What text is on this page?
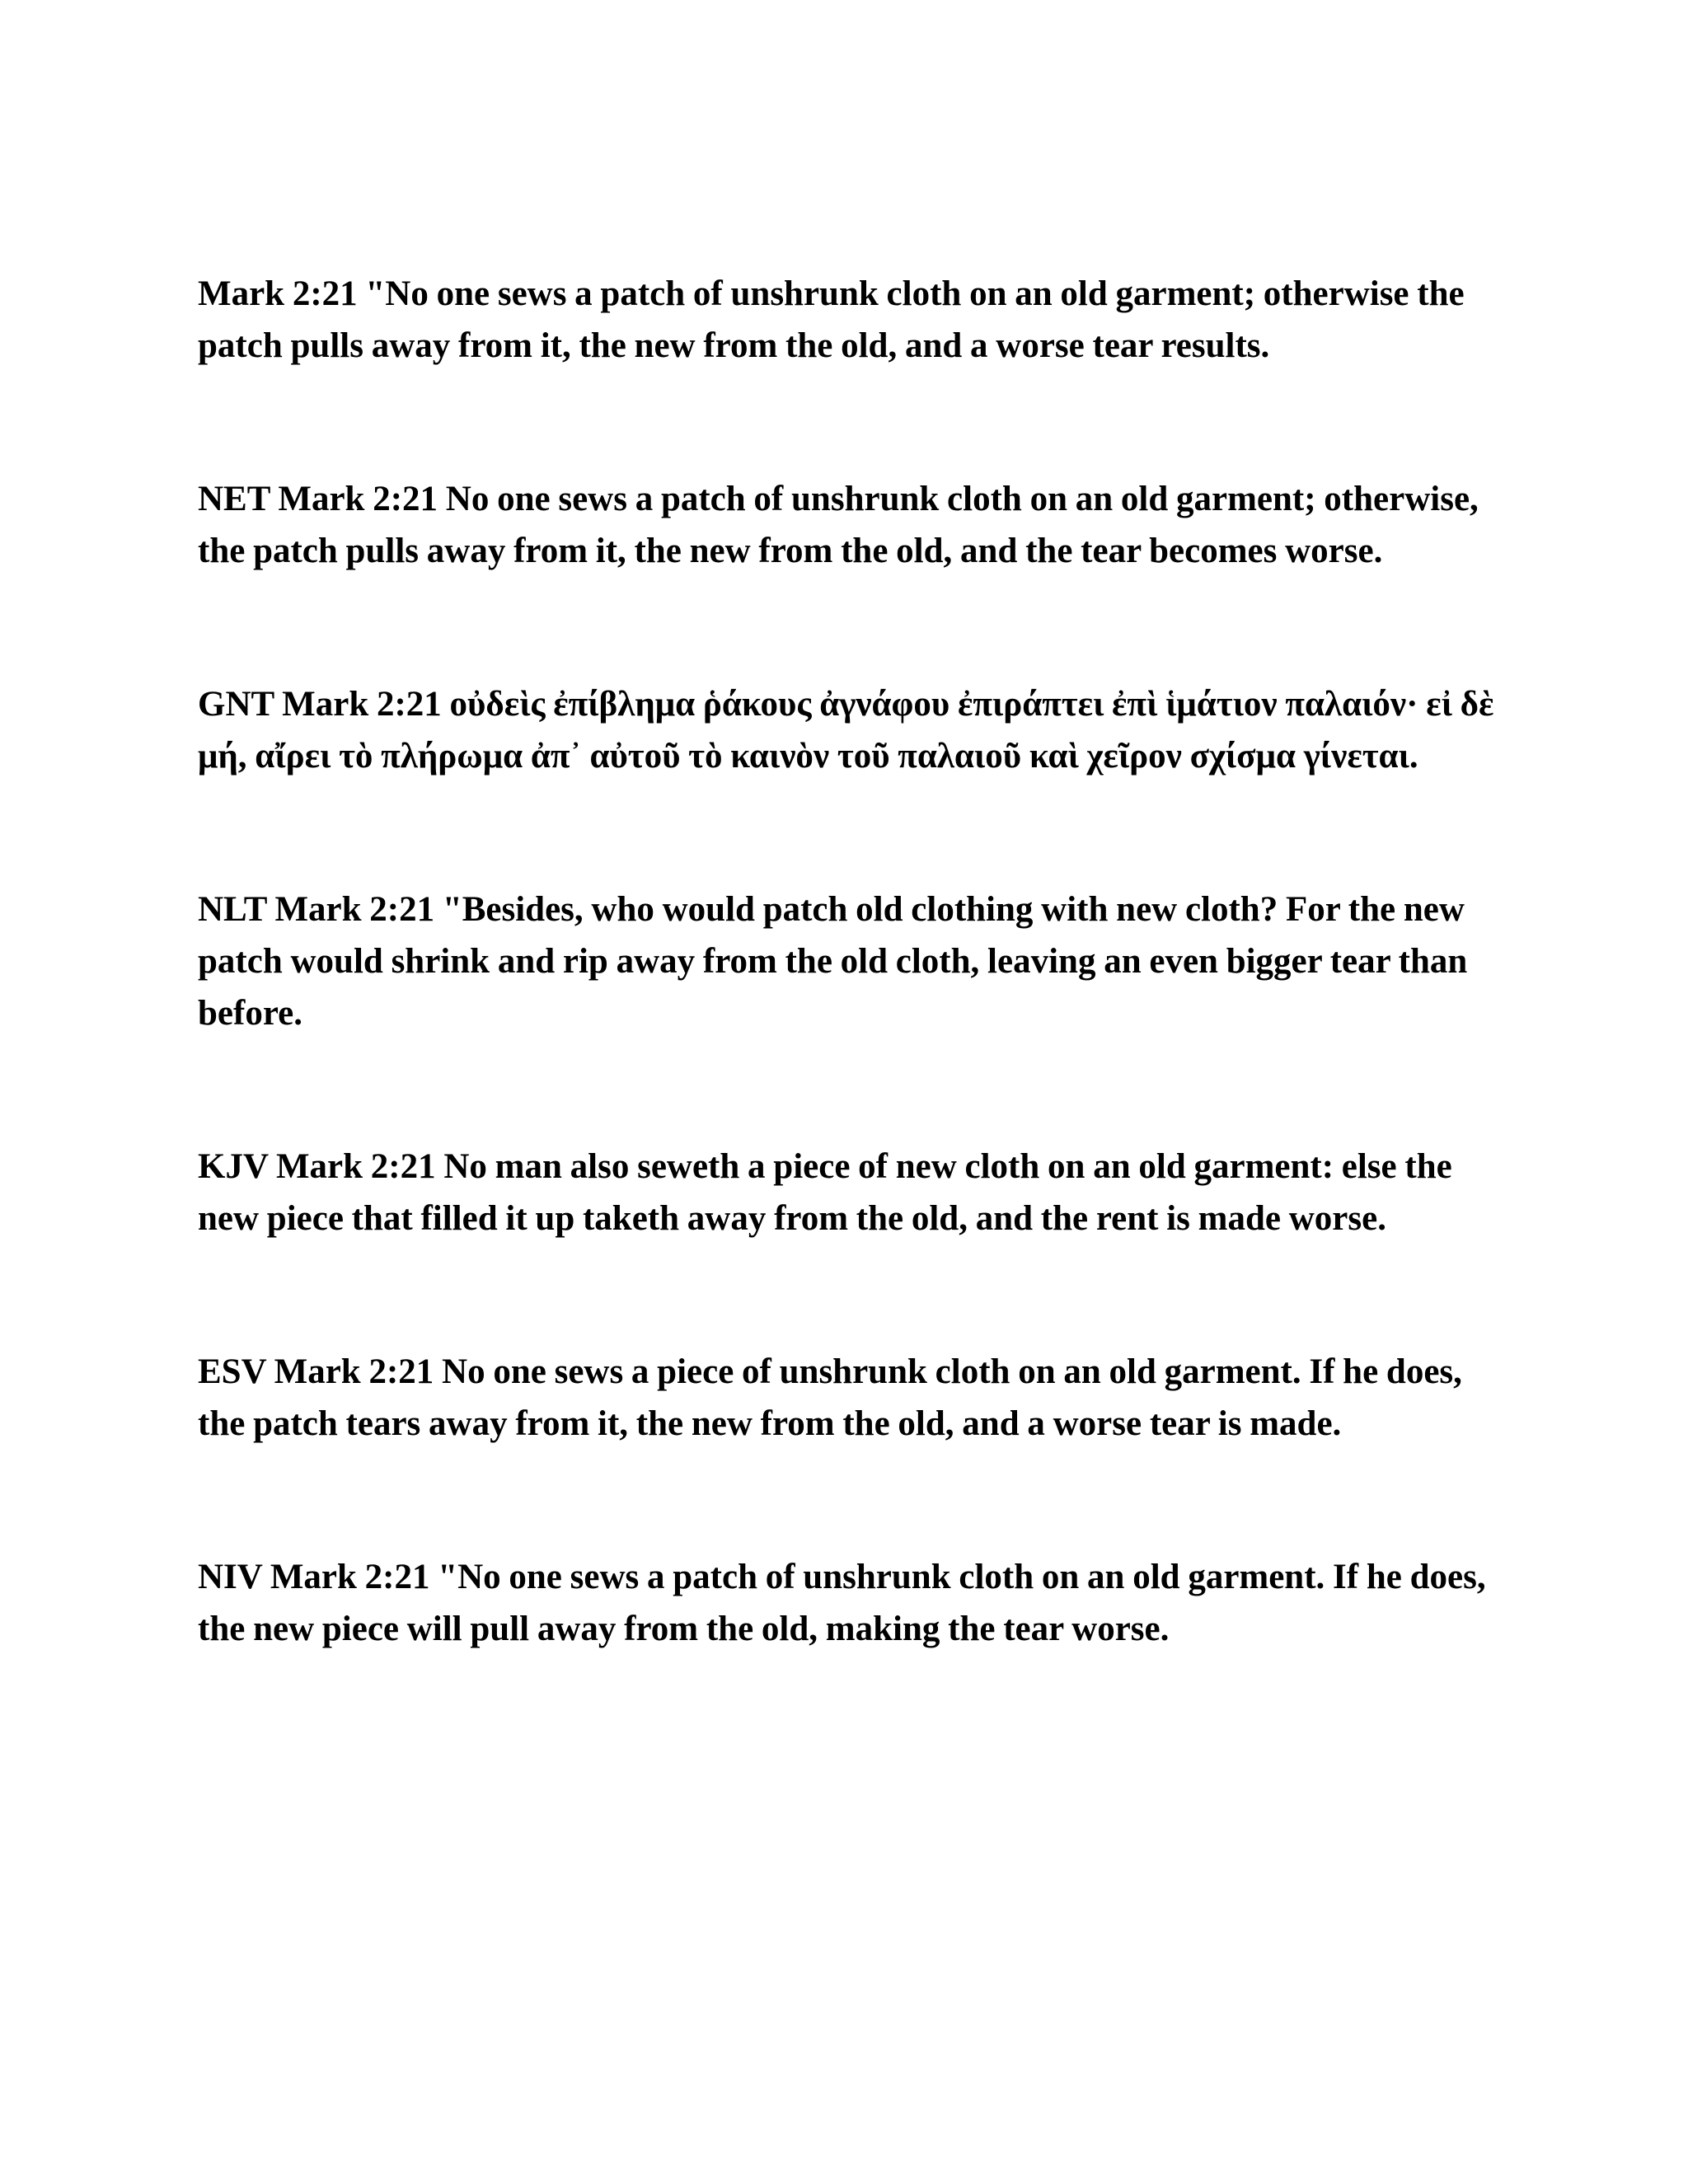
Mark 2:21 "No one sews a patch of unshrunk cloth on an old garment; otherwise the patch pulls away from it, the new from the old, and a worse tear results.

NET Mark 2:21 No one sews a patch of unshrunk cloth on an old garment; otherwise, the patch pulls away from it, the new from the old, and the tear becomes worse.

GNT Mark 2:21 οὐδεὶς ἐπίβλημα ῥάκους ἀγνάφου ἐπιράπτει ἐπὶ ἱμάτιον παλαιόν· εἰ δὲ μή, αἴρει τὸ πλήρωμα ἀπ᾽ αὐτοῦ τὸ καινὸν τοῦ παλαιοῦ καὶ χεῖρον σχίσμα γίνεται.

NLT Mark 2:21 "Besides, who would patch old clothing with new cloth? For the new patch would shrink and rip away from the old cloth, leaving an even bigger tear than before.

KJV Mark 2:21 No man also seweth a piece of new cloth on an old garment: else the new piece that filled it up taketh away from the old, and the rent is made worse.

ESV Mark 2:21 No one sews a piece of unshrunk cloth on an old garment. If he does, the patch tears away from it, the new from the old, and a worse tear is made.

NIV Mark 2:21 "No one sews a patch of unshrunk cloth on an old garment. If he does, the new piece will pull away from the old, making the tear worse.
